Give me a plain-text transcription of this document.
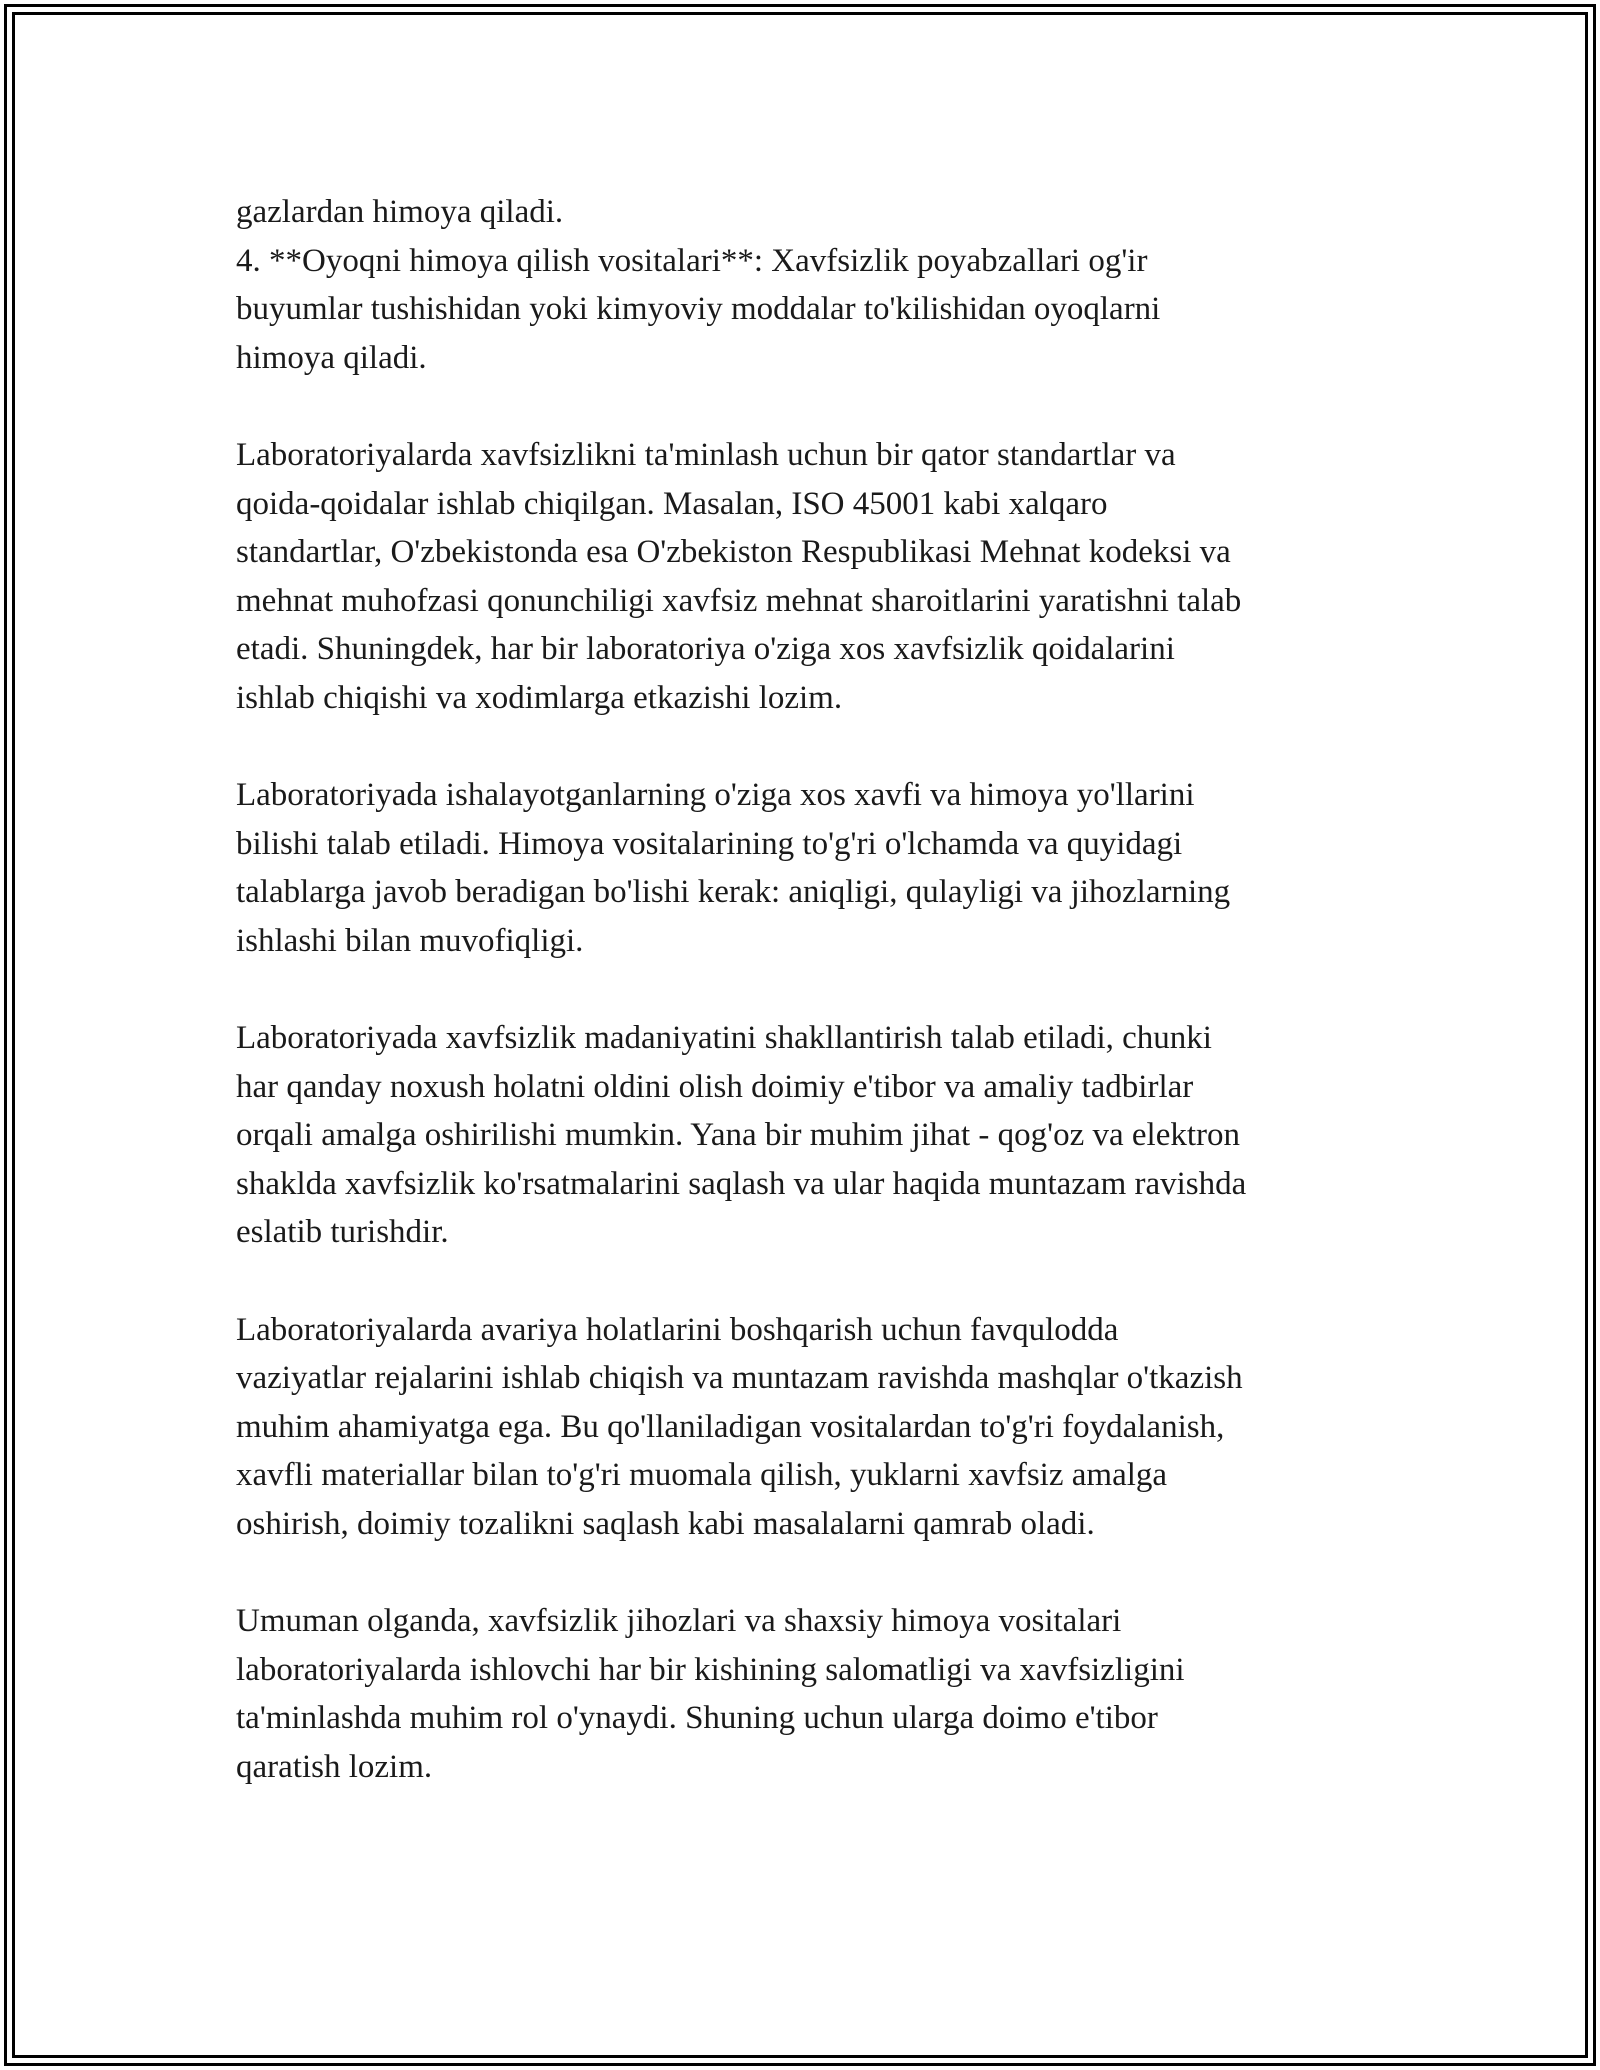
gazlardan himoya qiladi.
4. **Oyoqni himoya qilish vositalari**: Xavfsizlik poyabzallari og'ir
buyumlar tushishidan yoki kimyoviy moddalar to'kilishidan oyoqlarni
himoya qiladi.

Laboratoriyalarda xavfsizlikni ta'minlash uchun bir qator standartlar va
qoida-qoidalar ishlab chiqilgan. Masalan, ISO 45001 kabi xalqaro
standartlar, O'zbekistonda esa O'zbekiston Respublikasi Mehnat kodeksi va
mehnat muhofzasi qonunchiligi xavfsiz mehnat sharoitlarini yaratishni talab
etadi. Shuningdek, har bir laboratoriya o'ziga xos xavfsizlik qoidalarini
ishlab chiqishi va xodimlarga etkazishi lozim.

Laboratoriyada ishalayotganlarning o'ziga xos xavfi va himoya yo'llarini
bilishi talab etiladi. Himoya vositalarining to'g'ri o'lchamda va quyidagi
talablarga javob beradigan bo'lishi kerak: aniqligi, qulayligi va jihozlarning
ishlashi bilan muvofiqligi.

Laboratoriyada xavfsizlik madaniyatini shakllantirish talab etiladi, chunki
har qanday noxush holatni oldini olish doimiy e'tibor va amaliy tadbirlar
orqali amalga oshirilishi mumkin. Yana bir muhim jihat - qog'oz va elektron
shaklda xavfsizlik ko'rsatmalarini saqlash va ular haqida muntazam ravishda
eslatib turishdir.

Laboratoriyalarda avariya holatlarini boshqarish uchun favqulodda
vaziyatlar rejalarini ishlab chiqish va muntazam ravishda mashqlar o'tkazish
muhim ahamiyatga ega. Bu qo'llaniladigan vositalardan to'g'ri foydalanish,
xavfli materiallar bilan to'g'ri muomala qilish, yuklarni xavfsiz amalga
oshirish, doimiy tozalikni saqlash kabi masalalarni qamrab oladi.

Umuman olganda, xavfsizlik jihozlari va shaxsiy himoya vositalari
laboratoriyalarda ishlovchi har bir kishining salomatligi va xavfsizligini
ta'minlashda muhim rol o'ynaydi. Shuning uchun ularga doimo e'tibor
qaratish lozim.
